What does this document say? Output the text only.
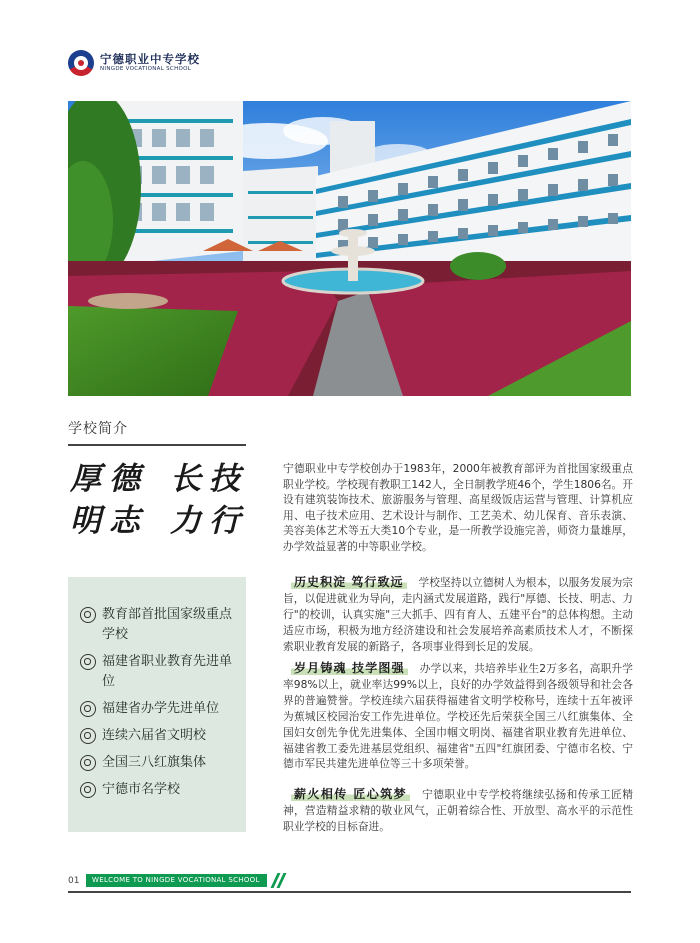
宁德职业中专学校
NINGDE VOCATIONAL SCHOOL
学校简介
厚德 长技
明志 力行

宁德职业中专学校创办于1983年，2000年被教育部评为首批国家级重点职业学校。学校现有教职工142人，全日制教学班46个，学生1806名。开设有建筑装饰技术、旅游服务与管理、高星级饭店运营与管理、计算机应用、电子技术应用、艺术设计与制作、工艺美术、幼儿保育、音乐表演、美容美体艺术等五大类10个专业，是一所教学设施完善，师资力量雄厚，办学效益显著的中等职业学校。

教育部首批国家级重点学校
福建省职业教育先进单位
福建省办学先进单位
连续六届省文明校
全国三八红旗集体
宁德市名学校

历史积淀 笃行致远 学校坚持以立德树人为根本，以服务发展为宗旨，以促进就业为导向，走内涵式发展道路，践行"厚德、长技、明志、力行"的校训，认真实施"三大抓手、四有育人、五建平台"的总体构想。主动适应市场，积极为地方经济建设和社会发展培养高素质技术人才，不断探索职业教育发展的新路子，各项事业得到长足的发展。

岁月铸魂 技学图强 办学以来，共培养毕业生2万多名，高职升学率98%以上，就业率达99%以上，良好的办学效益得到各级领导和社会各界的普遍赞誉。学校连续六届获得福建省文明学校称号，连续十五年被评为蕉城区校园治安工作先进单位。学校还先后荣获全国三八红旗集体、全国妇女创先争优先进集体、全国巾帼文明岗、福建省职业教育先进单位、福建省教工委先进基层党组织、福建省"五四"红旗团委、宁德市名校、宁德市军民共建先进单位等三十多项荣誉。

薪火相传 匠心筑梦 宁德职业中专学校将继续弘扬和传承工匠精神，营造精益求精的敬业风气，正朝着综合性、开放型、高水平的示范性职业学校的目标奋进。

01	WELCOME TO NINGDE VOCATIONAL SCHOOL
